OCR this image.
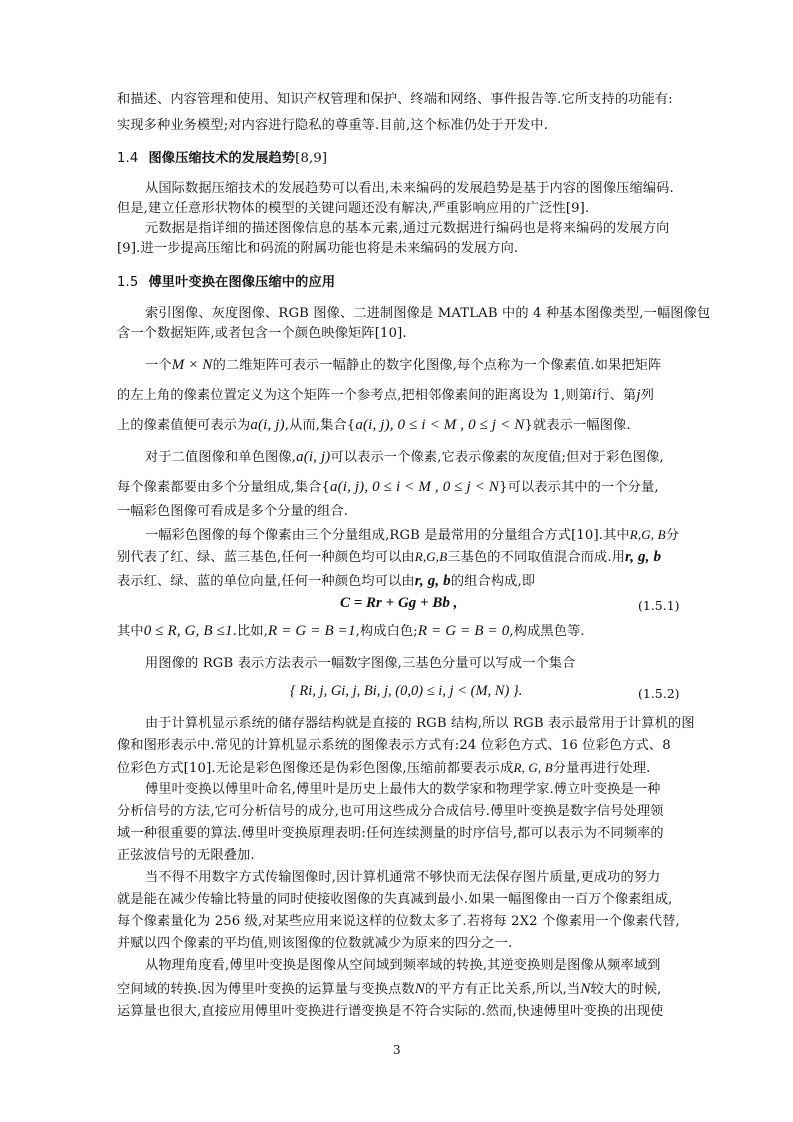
和描述、内容管理和使用、知识产权管理和保护、终端和网络、事件报告等.它所支持的功能有:
实现多种业务模型;对内容进行隐私的尊重等.目前,这个标准仍处于开发中.
1.4 图像压缩技术的发展趋势[8,9]
从国际数据压缩技术的发展趋势可以看出,未来编码的发展趋势是基于内容的图像压缩编码.
但是,建立任意形状物体的模型的关键问题还没有解决,严重影响应用的广泛性[9].
元数据是指详细的描述图像信息的基本元素,通过元数据进行编码也是将来编码的发展方向
[9].进一步提高压缩比和码流的附属功能也将是未来编码的发展方向.
1.5 傅里叶变换在图像压缩中的应用
索引图像、灰度图像、RGB 图像、二进制图像是 MATLAB 中的 4 种基本图像类型,一幅图像包
含一个数据矩阵,或者包含一个颜色映像矩阵[10].
一个M × N的二维矩阵可表示一幅静止的数字化图像,每个点称为一个像素值.如果把矩阵
的左上角的像素位置定义为这个矩阵一个参考点,把相邻像素间的距离设为 1,则第i行、第j列
上的像素值便可表示为a(i, j),从而,集合{a(i, j), 0 ≤ i < M , 0 ≤ j < N}就表示一幅图像.
对于二值图像和单色图像,a(i, j)可以表示一个像素,它表示像素的灰度值;但对于彩色图像,
每个像素都要由多个分量组成,集合{a(i, j), 0 ≤ i < M , 0 ≤ j < N}可以表示其中的一个分量,
一幅彩色图像可看成是多个分量的组合.
一幅彩色图像的每个像素由三个分量组成,RGB 是最常用的分量组合方式[10].其中R,G, B分
别代表了红、绿、蓝三基色,任何一种颜色均可以由R,G,B三基色的不同取值混合而成.用r, g, b
表示红、绿、蓝的单位向量,任何一种颜色均可以由r, g, b的组合构成,即
C = Rr + Gg + Bb ,	(1.5.1)
其中0 ≤ R, G, B ≤1.比如,R = G = B =1,构成白色;R = G = B = 0,构成黑色等.
用图像的 RGB 表示方法表示一幅数字图像,三基色分量可以写成一个集合
{ Ri, j, Gi, j, Bi, j, (0,0) ≤ i, j < (M, N) }.	(1.5.2)
由于计算机显示系统的储存器结构就是直接的 RGB 结构,所以 RGB 表示最常用于计算机的图
像和图形表示中.常见的计算机显示系统的图像表示方式有:24 位彩色方式、16 位彩色方式、8
位彩色方式[10].无论是彩色图像还是伪彩色图像,压缩前都要表示成R, G, B分量再进行处理.
傅里叶变换以傅里叶命名,傅里叶是历史上最伟大的数学家和物理学家.傅立叶变换是一种
分析信号的方法,它可分析信号的成分,也可用这些成分合成信号.傅里叶变换是数字信号处理领
域一种很重要的算法.傅里叶变换原理表明:任何连续测量的时序信号,都可以表示为不同频率的
正弦波信号的无限叠加.
当不得不用数字方式传输图像时,因计算机通常不够快而无法保存图片质量,更成功的努力
就是能在减少传输比特量的同时使接收图像的失真减到最小.如果一幅图像由一百万个像素组成,
每个像素量化为 256 级,对某些应用来说这样的位数太多了.若将每 2X2 个像素用一个像素代替,
并赋以四个像素的平均值,则该图像的位数就减少为原来的四分之一.
从物理角度看,傅里叶变换是图像从空间域到频率域的转换,其逆变换则是图像从频率域到
空间域的转换.因为傅里叶变换的运算量与变换点数N的平方有正比关系,所以,当N较大的时候,
运算量也很大,直接应用傅里叶变换进行谱变换是不符合实际的.然而,快速傅里叶变换的出现使
3
